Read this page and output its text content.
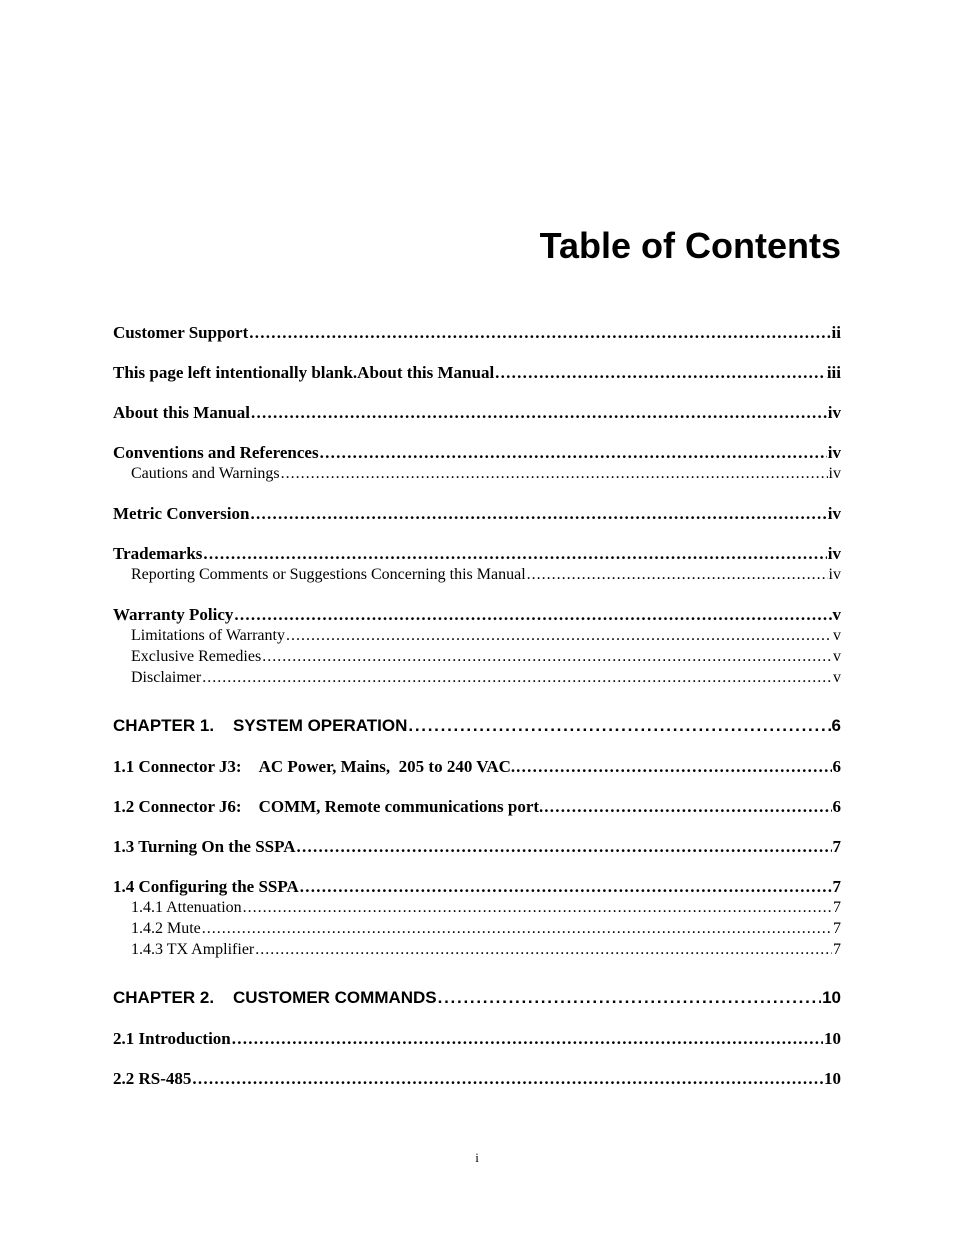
Table of Contents
Customer Support . . .	ii
This page left intentionally blank.About this Manual . . .	iii
About this Manual . . .	iv
Conventions and References . . .	iv
Cautions and Warnings . . .	iv
Metric Conversion . . .	iv
Trademarks . . .	iv
Reporting Comments or Suggestions Concerning this Manual . . .	iv
Warranty Policy . . .	v
Limitations of Warranty . . .	v
Exclusive Remedies . . .	v
Disclaimer . . .	v
CHAPTER 1.    SYSTEM OPERATION . . .	6
1.1 Connector J3:    AC Power, Mains,  205 to 240 VAC. . . .	6
1.2 Connector J6:    COMM, Remote communications port. . . .	6
1.3 Turning On the SSPA . . .	7
1.4 Configuring the SSPA . . .	7
1.4.1 Attenuation . . .	7
1.4.2 Mute . . .	7
1.4.3 TX Amplifier . . .	7
CHAPTER 2.    CUSTOMER COMMANDS . . .	10
2.1 Introduction . . .	10
2.2 RS-485 . . .	10
i
